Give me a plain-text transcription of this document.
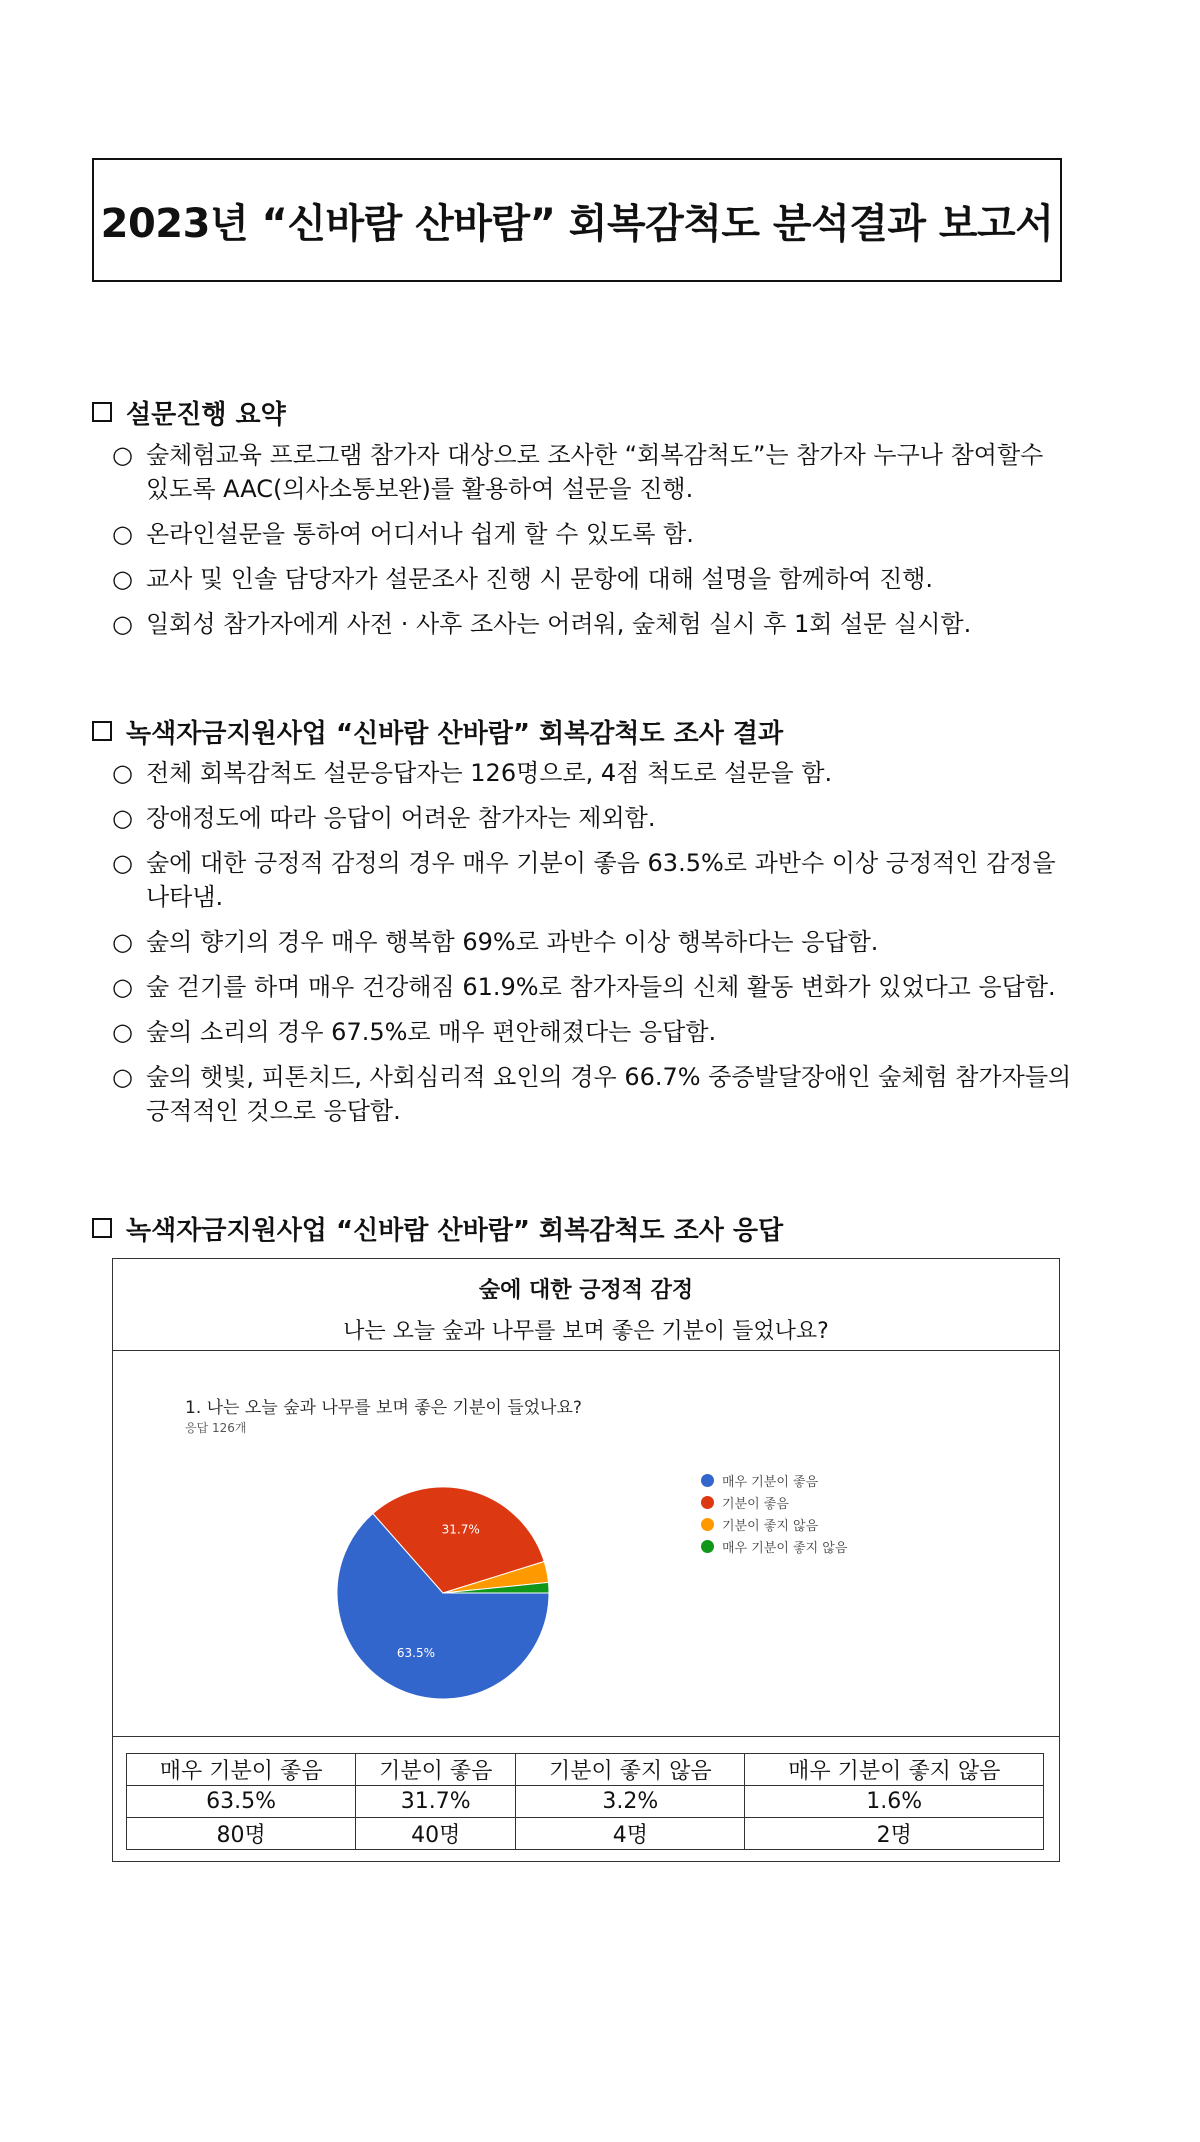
2023년 “신바람 산바람” 회복감척도 분석결과 보고서
설문진행 요약
○ 숲체험교육 프로그램 참가자 대상으로 조사한 “회복감척도”는 참가자 누구나 참여할수 있도록 AAC(의사소통보완)를 활용하여 설문을 진행.
○ 온라인설문을 통하여 어디서나 쉽게 할 수 있도록 함.
○ 교사 및 인솔 담당자가 설문조사 진행 시 문항에 대해 설명을 함께하여 진행.
○ 일회성 참가자에게 사전 · 사후 조사는 어려워, 숲체험 실시 후 1회 설문 실시함.
녹색자금지원사업 “신바람 산바람” 회복감척도 조사 결과
○ 전체 회복감척도 설문응답자는 126명으로, 4점 척도로 설문을 함.
○ 장애정도에 따라 응답이 어려운 참가자는 제외함.
○ 숲에 대한 긍정적 감정의 경우 매우 기분이 좋음 63.5%로 과반수 이상 긍정적인 감정을 나타냄.
○ 숲의 향기의 경우 매우 행복함 69%로 과반수 이상 행복하다는 응답함.
○ 숲 걷기를 하며 매우 건강해짐 61.9%로 참가자들의 신체 활동 변화가 있었다고 응답함.
○ 숲의 소리의 경우 67.5%로 매우 편안해졌다는 응답함.
○ 숲의 햇빛, 피톤치드, 사회심리적 요인의 경우 66.7% 중증발달장애인 숲체험 참가자들의 긍적적인 것으로 응답함.
녹색자금지원사업 “신바람 산바람” 회복감척도 조사 응답
숲에 대한 긍정적 감정
나는 오늘 숲과 나무를 보며 좋은 기분이 들었나요?
1. 나는 오늘 숲과 나무를 보며 좋은 기분이 들었나요?
응답 126개
63.5%
31.7%
매우 기분이 좋음
기분이 좋음
기분이 좋지 않음
매우 기분이 좋지 않음
매우 기분이 좋음	기분이 좋음	기분이 좋지 않음	매우 기분이 좋지 않음
63.5%	31.7%	3.2%	1.6%
80명	40명	4명	2명
